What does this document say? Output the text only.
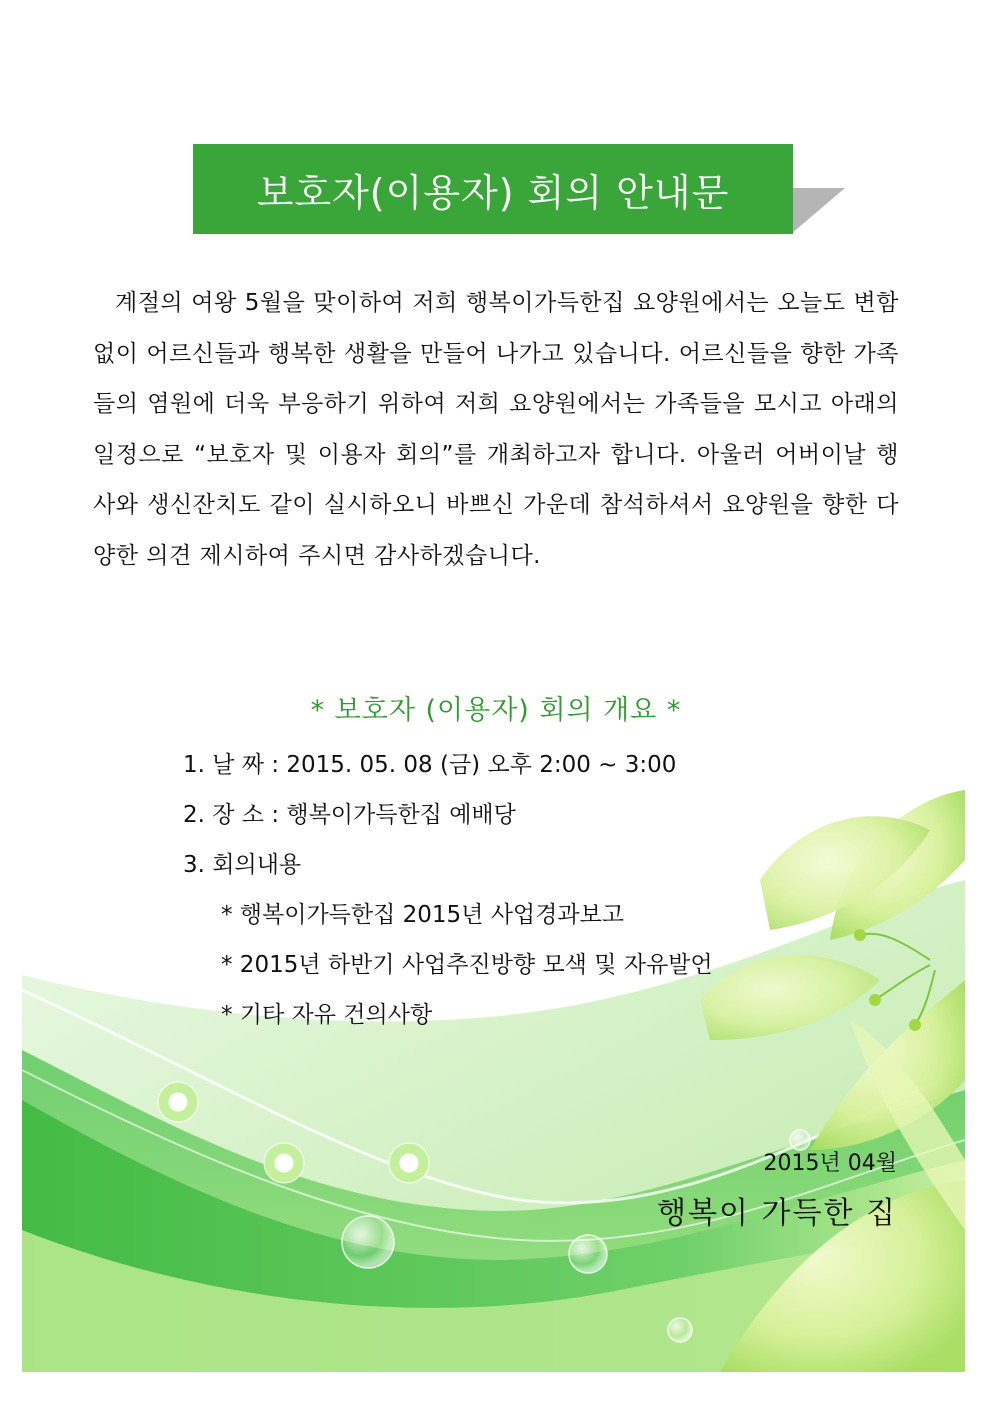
보호자(이용자) 회의 안내문
계절의 여왕 5월을 맞이하여 저희 행복이가득한집 요양원에서는 오늘도 변함없이 어르신들과 행복한 생활을 만들어 나가고 있습니다. 어르신들을 향한 가족들의 염원에 더욱 부응하기 위하여 저희 요양원에서는 가족들을 모시고 아래의 일정으로 “보호자 및 이용자 회의”를 개최하고자 합니다. 아울러 어버이날 행사와 생신잔치도 같이 실시하오니 바쁘신 가운데 참석하셔서 요양원을 향한 다양한 의견 제시하여 주시면 감사하겠습니다.
* 보호자 (이용자) 회의 개요 *
1. 날 짜 : 2015. 05. 08 (금) 오후 2:00 ~ 3:00
2. 장 소 : 행복이가득한집 예배당
3. 회의내용
* 행복이가득한집 2015년 사업경과보고
* 2015년 하반기 사업추진방향 모색 및 자유발언
* 기타 자유 건의사항
2015년 04월
행복이 가득한 집
